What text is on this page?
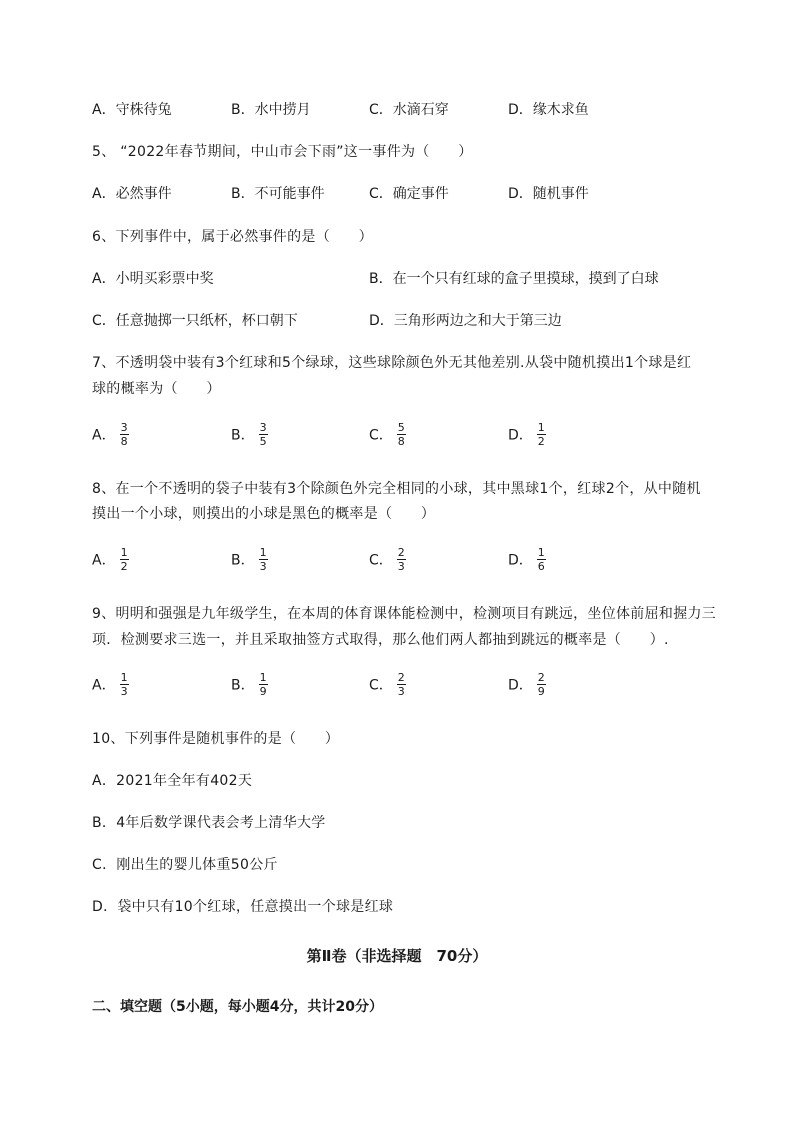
A．守株待兔	B．水中捞月	C．水滴石穿	D．缘木求鱼
5、 “2022年春节期间，中山市会下雨”这一事件为（　　）
A．必然事件	B．不可能事件	C．确定事件	D．随机事件
6、下列事件中，属于必然事件的是（　　）
A．小明买彩票中奖	B．在一个只有红球的盒子里摸球，摸到了白球
C．任意抛掷一只纸杯，杯口朝下	D．三角形两边之和大于第三边
7、不透明袋中装有3个红球和5个绿球，这些球除颜色外无其他差别.从袋中随机摸出1个球是红
球的概率为（　　）
A． $\frac{3}{8}$	B． $\frac{3}{5}$	C． $\frac{5}{8}$	D． $\frac{1}{2}$
8、在一个不透明的袋子中装有3个除颜色外完全相同的小球，其中黑球1个，红球2个，从中随机
摸出一个小球，则摸出的小球是黑色的概率是（　　）
A． $\frac{1}{2}$	B． $\frac{1}{3}$	C． $\frac{2}{3}$	D． $\frac{1}{6}$
9、明明和强强是九年级学生，在本周的体育课体能检测中，检测项目有跳远，坐位体前屈和握力三
项．检测要求三选一，并且采取抽签方式取得，那么他们两人都抽到跳远的概率是（　　）.
A． $\frac{1}{3}$	B． $\frac{1}{9}$	C． $\frac{2}{3}$	D． $\frac{2}{9}$
10、下列事件是随机事件的是（　　）
A．2021年全年有402天
B．4年后数学课代表会考上清华大学
C．刚出生的婴儿体重50公斤
D．袋中只有10个红球，任意摸出一个球是红球
第Ⅱ卷（非选择题　70分）
二、填空题（5小题，每小题4分，共计20分）
